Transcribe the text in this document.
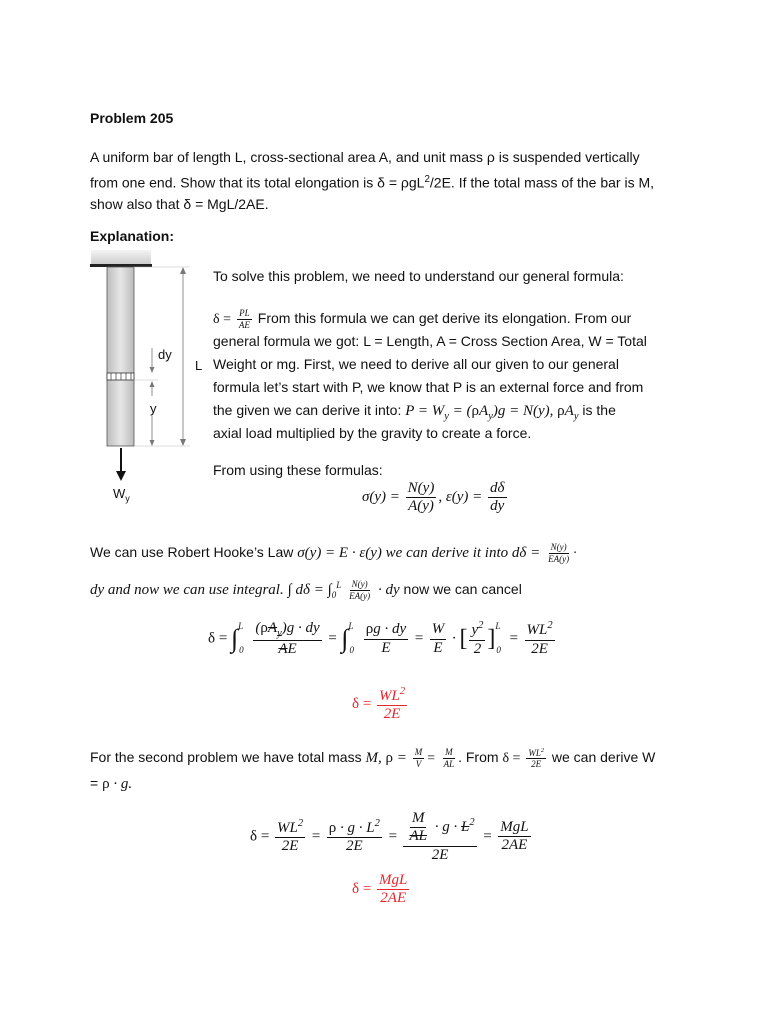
Problem 205
A uniform bar of length L, cross-sectional area A, and unit mass ρ is suspended vertically
from one end. Show that its total elongation is δ = ρgL$^2$/2E. If the total mass of the bar is M,
show also that δ = MgL/2AE.
Explanation:
dy
y
L
$W_y$
To solve this problem, we need to understand our general formula:
$\delta = \frac{PL}{AE}$ From this formula we can get derive its elongation. From our
general formula we got: L = Length, A = Cross Section Area, W = Total
Weight or mg. First, we need to derive all our given to our general
formula let’s start with P, we know that P is an external force and from
the given we can derive it into: $P = W_y = (\rho A_y)g = N(y)$, $\rho A_y$ is the
axial load multiplied by the gravity to create a force.
From using these formulas:
$\sigma(y) = \frac{N(y)}{A(y)}$ , $\varepsilon(y) = \frac{d\delta}{dy}$
We can use Robert Hooke’s Law σ(y) = E · ε(y) we can derive it into $d\delta = \frac{N(y)}{EA(y)}$ ·
dy and now we can use integral. ∫ $d\delta = \int_0^L \frac{N(y)}{EA(y)}$ · dy now we can cancel
$\delta = \int^L_0 \frac{(\rho A_y)g \cdot dy}{AE} = \int^L_0 \frac{\rho g \cdot dy}{E} = \frac{W}{E}$ · [ $\frac{y^2}{2} ]^L_0 = \frac{WL^2}{2E}$
$\delta = \frac{WL^2}{2E}$
For the second problem we have total mass M, $\rho = \frac{M}{V} = \frac{M}{AL}$ . From $\delta = \frac{WL^2}{2E}$ we can derive W
= ρ · g.
$\delta = \frac{WL^2}{2E} = \frac{\rho \cdot g \cdot L^2}{2E} = \frac{\frac{M}{AL} \cdot g \cdot L^2}{2E} = \frac{\text{MgL}}{2AE}$
$\delta = \frac{\text{MgL}}{2AE}$
